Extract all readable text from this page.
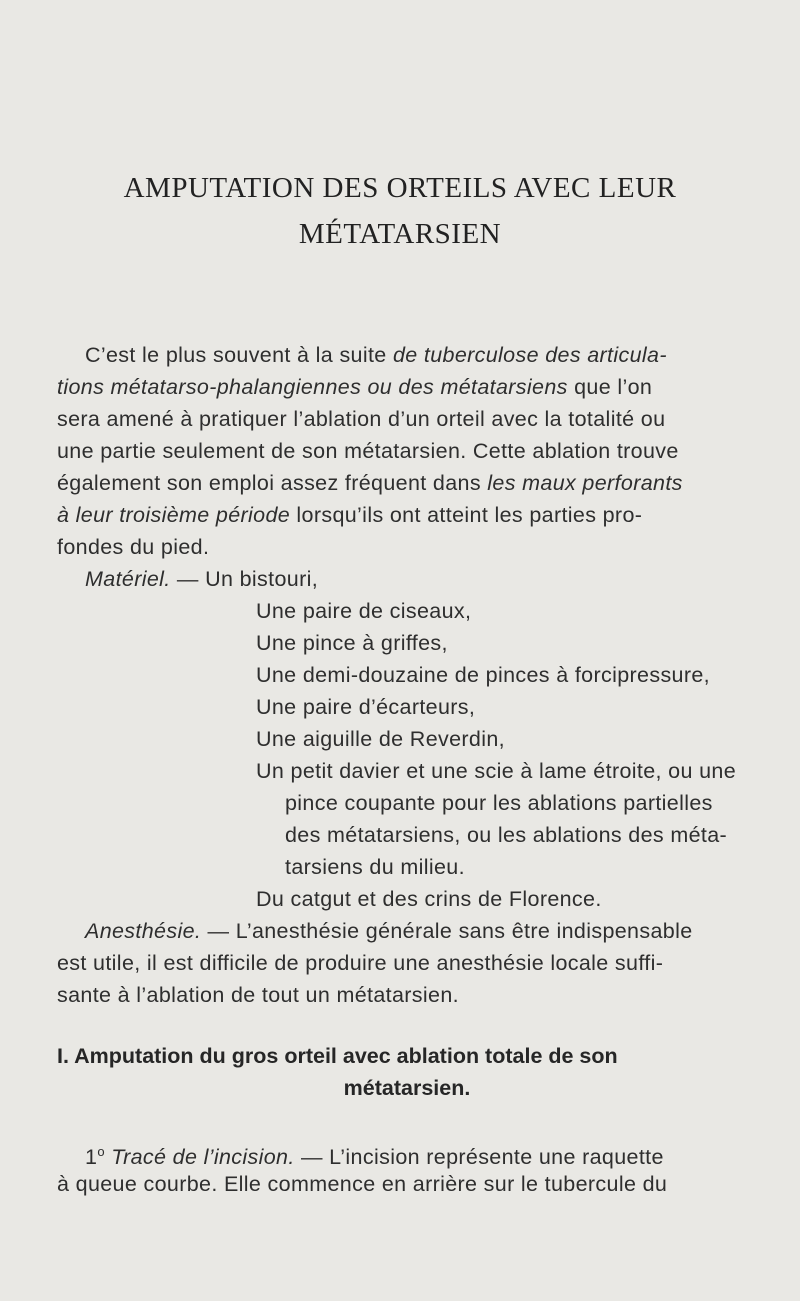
AMPUTATION DES ORTEILS AVEC LEUR
MÉTATARSIEN
C’est le plus souvent à la suite de tuberculose des articula-
tions métatarso-phalangiennes ou des métatarsiens que l’on
sera amené à pratiquer l’ablation d’un orteil avec la totalité ou
une partie seulement de son métatarsien. Cette ablation trouve
également son emploi assez fréquent dans les maux perforants
à leur troisième période lorsqu’ils ont atteint les parties pro-
fondes du pied.
Matériel. — Un bistouri,
Une paire de ciseaux,
Une pince à griffes,
Une demi-douzaine de pinces à forcipressure,
Une paire d’écarteurs,
Une aiguille de Reverdin,
Un petit davier et une scie à lame étroite, ou une
pince coupante pour les ablations partielles
des métatarsiens, ou les ablations des méta-
tarsiens du milieu.
Du catgut et des crins de Florence.
Anesthésie. — L’anesthésie générale sans être indispensable
est utile, il est difficile de produire une anesthésie locale suffi-
sante à l’ablation de tout un métatarsien.
I. Amputation du gros orteil avec ablation totale de son
métatarsien.
1$^o$ Tracé de l’incision. — L’incision représente une raquette
à queue courbe. Elle commence en arrière sur le tubercule du
